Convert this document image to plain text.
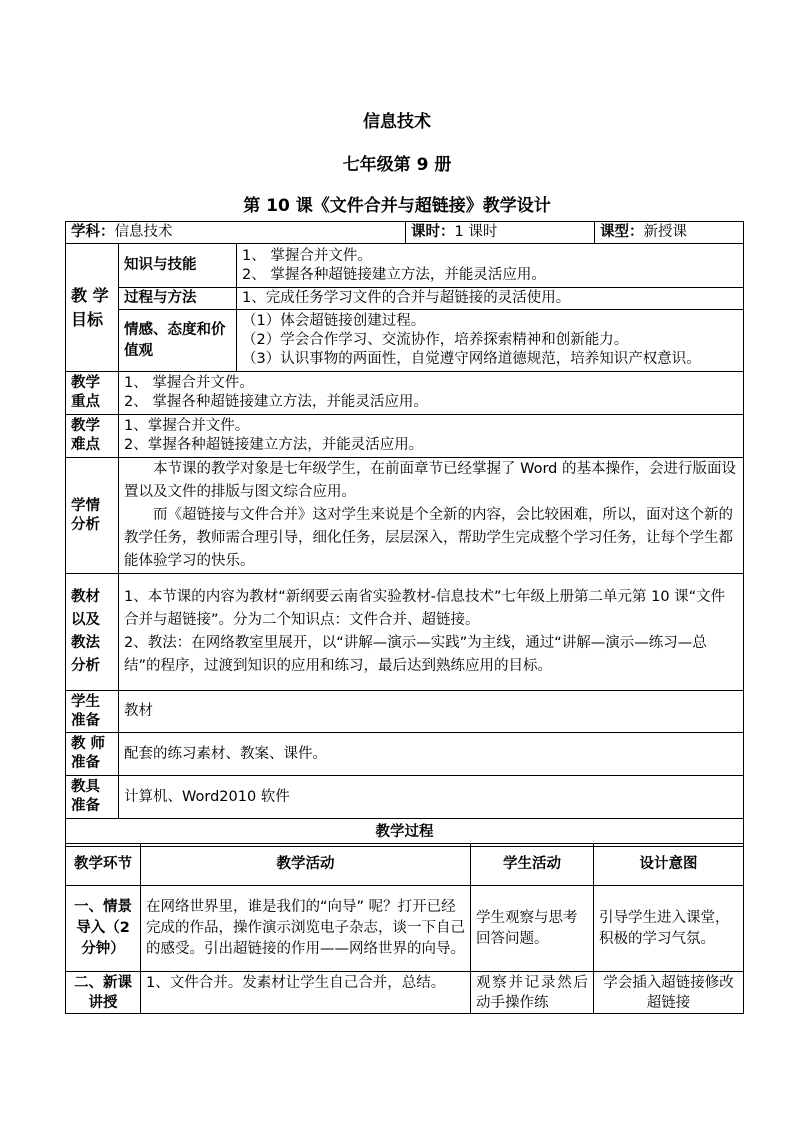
信息技术
七年级第 9 册
第 10 课《文件合并与超链接》教学设计
学科：信息技术			课时：1 课时	课型：新授课
教 学目标	知识与技能	1、 掌握合并文件。
2、 掌握各种超链接建立方法，并能灵活应用。		

	过程与方法	1、完成任务学习文件的合并与超链接的灵活使用。		
	情感、态度和价值观	（1）体会超链接创建过程。
（2）学会合作学习、交流协作，培养探索精神和创新能力。
（3）认识事物的两面性，自觉遵守网络道德规范，培养知识产权意识。		

教学重点	1、 掌握合并文件。
2、 掌握各种超链接建立方法，并能灵活应用。			

教学难点	1、掌握合并文件。
2、掌握各种超链接建立方法，并能灵活应用。			

学情分析	本节课的教学对象是七年级学生，在前面章节已经掌握了 Word 的基本操作，会进行版面设置以及文件的排版与图文综合应用。
而《超链接与文件合并》这对学生来说是个全新的内容，会比较困难，所以，面对这个新的教学任务，教师需合理引导，细化任务，层层深入，帮助学生完成整个学习任务，让每个学生都能体验学习的快乐。			

教材以及教法分析	1、本节课的内容为教材“新纲要云南省实验教材-信息技术”七年级上册第二单元第 10 课“文件合并与超链接”。分为二个知识点：文件合并、超链接。
2、教法：在网络教室里展开，以“讲解—演示—实践”为主线，通过“讲解—演示—练习—总结”的程序，过渡到知识的应用和练习，最后达到熟练应用的目标。			

学生准备	教材			
教 师准备	配套的练习素材、教案、课件。			
教具准备	计算机、Word2010 软件			
教学过程				
教学环节	教学活动	学生活动	设计意图
一、情景导入（2 分钟）	在网络世界里，谁是我们的“向导” 呢？打开已经完成的作品，操作演示浏览电子杂志，谈一下自己的感受。引出超链接的作用——网络世界的向导。	学生观察与思考回答问题。	引导学生进入课堂，积极的学习气氛。
二、新课讲授	1、文件合并。发素材让学生自己合并，总结。	观察并记录然后动手操作练	学会插入超链接修改超链接
